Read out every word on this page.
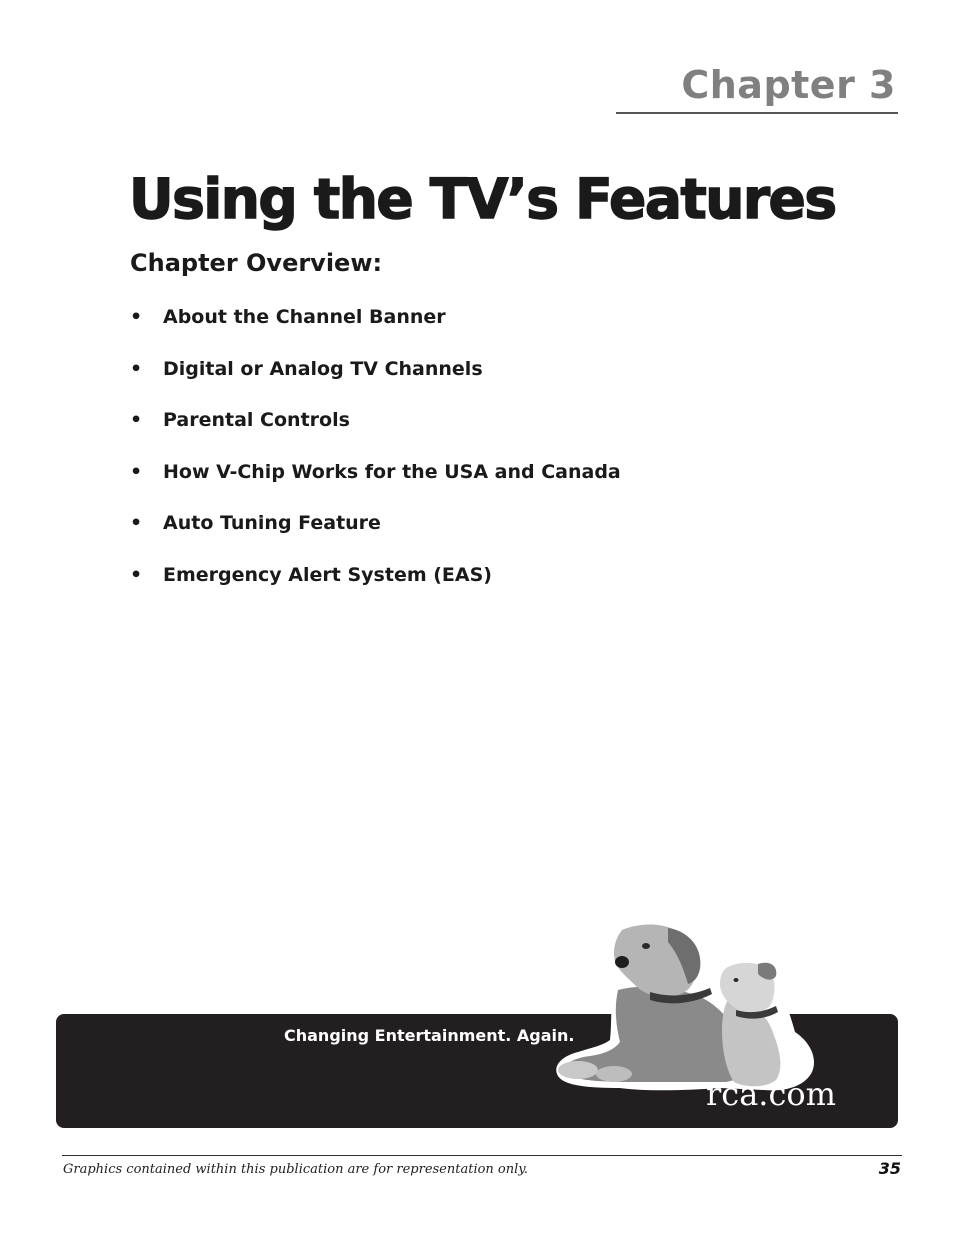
Chapter 3
Using the TV’s Features
Chapter Overview:
•	About the Channel Banner
•	Digital or Analog TV Channels
•	Parental Controls
•	How V-Chip Works for the USA and Canada
•	Auto Tuning Feature
•	Emergency Alert System (EAS)
Changing Entertainment. Again.
rca.com
Graphics contained within this publication are for representation only.	35
